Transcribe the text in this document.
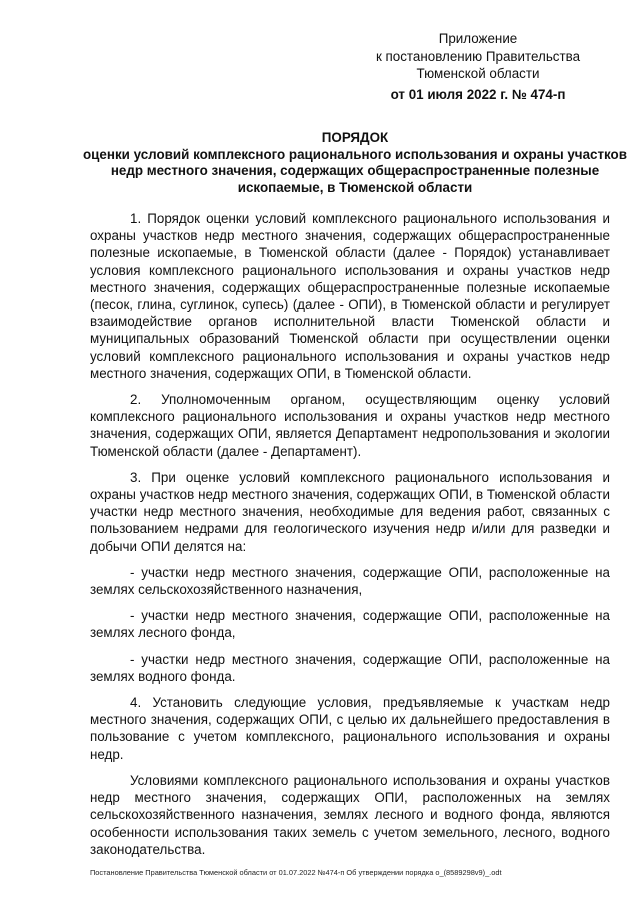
Приложение
к постановлению Правительства
Тюменской области
от 01 июля 2022 г. № 474-п
ПОРЯДОК
оценки условий комплексного рационального использования и охраны участков недр местного значения, содержащих общераспространенные полезные ископаемые, в Тюменской области

1. Порядок оценки условий комплексного рационального использования и охраны участков недр местного значения, содержащих общераспространенные полезные ископаемые, в Тюменской области (далее - Порядок) устанавливает условия комплексного рационального использования и охраны участков недр местного значения, содержащих общераспространенные полезные ископаемые (песок, глина, суглинок, супесь) (далее - ОПИ), в Тюменской области и регулирует взаимодействие органов исполнительной власти Тюменской области и муниципальных образований Тюменской области при осуществлении оценки условий комплексного рационального использования и охраны участков недр местного значения, содержащих ОПИ, в Тюменской области.

2. Уполномоченным органом, осуществляющим оценку условий комплексного рационального использования и охраны участков недр местного значения, содержащих ОПИ, является Департамент недропользования и экологии Тюменской области (далее - Департамент).

3. При оценке условий комплексного рационального использования и охраны участков недр местного значения, содержащих ОПИ, в Тюменской области участки недр местного значения, необходимые для ведения работ, связанных с пользованием недрами для геологического изучения недр и/или для разведки и добычи ОПИ делятся на:

- участки недр местного значения, содержащие ОПИ, расположенные на землях сельскохозяйственного назначения,

- участки недр местного значения, содержащие ОПИ, расположенные на землях лесного фонда,

- участки недр местного значения, содержащие ОПИ, расположенные на землях водного фонда.

4. Установить следующие условия, предъявляемые к участкам недр местного значения, содержащих ОПИ, с целью их дальнейшего предоставления в пользование с учетом комплексного, рационального использования и охраны недр.

Условиями комплексного рационального использования и охраны участков недр местного значения, содержащих ОПИ, расположенных на землях сельскохозяйственного назначения, землях лесного и водного фонда, являются особенности использования таких земель с учетом земельного, лесного, водного законодательства.

Постановление Правительства Тюменской области от 01.07.2022 №474-п Об утверждении порядка о_(8589298v9)_.odt
